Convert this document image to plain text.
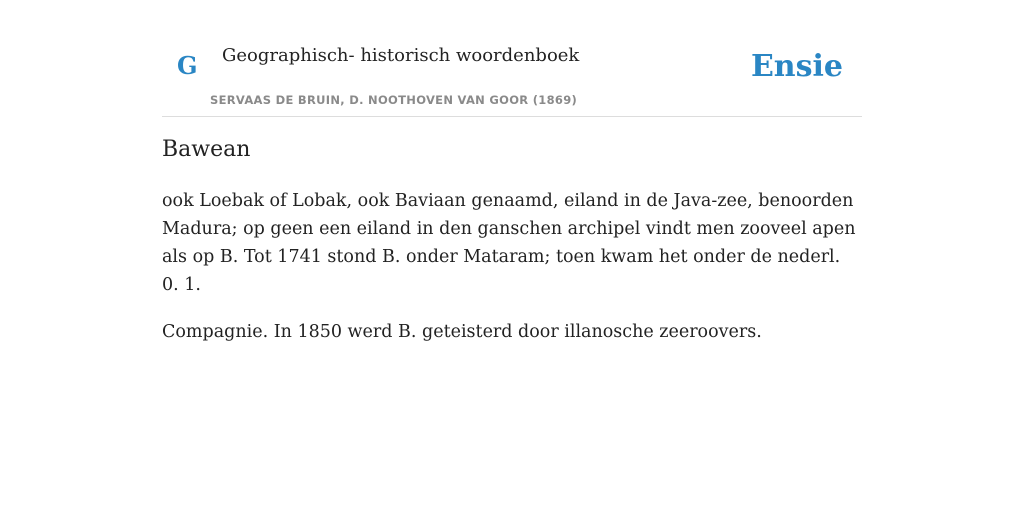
G Geographisch- historisch woordenboek
SERVAAS DE BRUIN, D. NOOTHOVEN VAN GOOR (1869)
Ensie
Bawean

ook Loebak of Lobak, ook Baviaan genaamd, eiland in de Java-zee, benoorden Madura; op geen een eiland in den ganschen archipel vindt men zooveel apen als op B. Tot 1741 stond B. onder Mataram; toen kwam het onder de nederl. 0. 1.

Compagnie. In 1850 werd B. geteisterd door illanosche zeeroovers.
